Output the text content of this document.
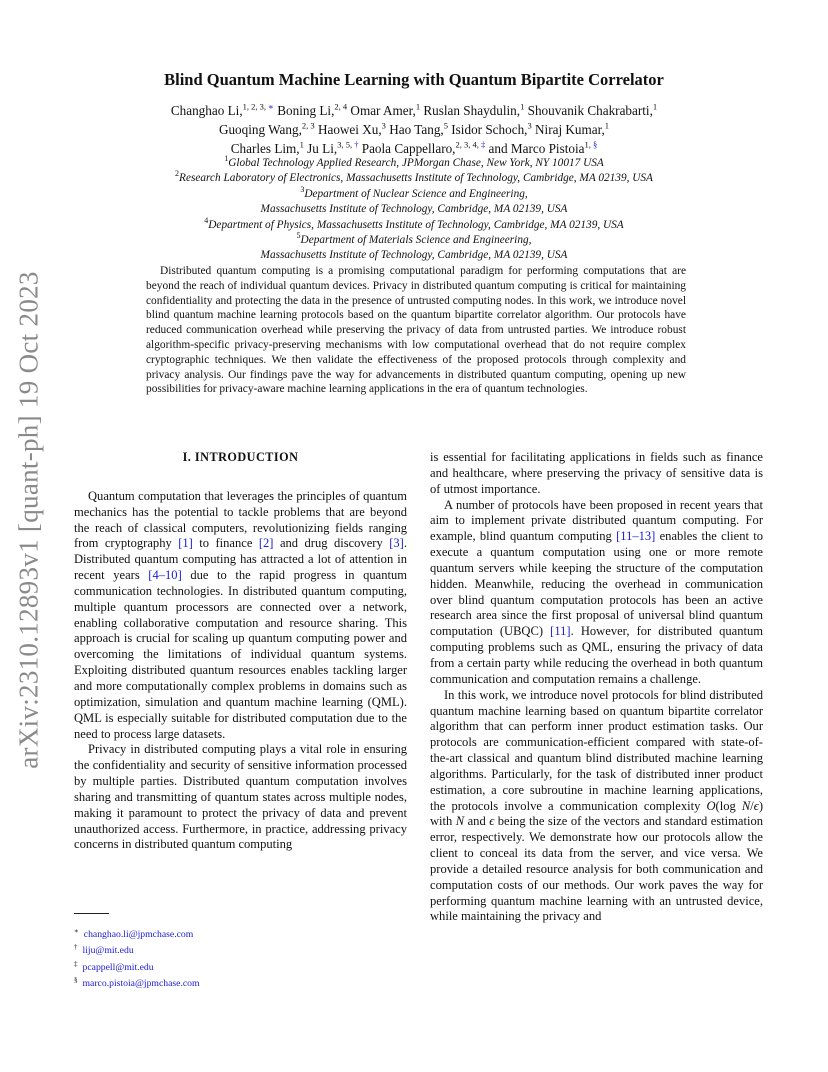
arXiv:2310.12893v1 [quant-ph] 19 Oct 2023
Blind Quantum Machine Learning with Quantum Bipartite Correlator
Changhao Li,$^{1, 2, 3, ∗}$ Boning Li,$^{2, 4}$ Omar Amer,$^1$ Ruslan Shaydulin,$^1$ Shouvanik Chakrabarti,$^1$
Guoqing Wang,$^{2, 3}$ Haowei Xu,$^3$ Hao Tang,$^5$ Isidor Schoch,$^3$ Niraj Kumar,$^1$
Charles Lim,$^1$ Ju Li,$^{3, 5, \dagger}$ Paola Cappellaro,$^{2, 3, 4, \ddagger}$ and Marco Pistoia$^{1, \S}$
$^1$Global Technology Applied Research, JPMorgan Chase, New York, NY 10017 USA
$^2$Research Laboratory of Electronics, Massachusetts Institute of Technology, Cambridge, MA 02139, USA
$^3$Department of Nuclear Science and Engineering,
Massachusetts Institute of Technology, Cambridge, MA 02139, USA
$^4$Department of Physics, Massachusetts Institute of Technology, Cambridge, MA 02139, USA
$^5$Department of Materials Science and Engineering,
Massachusetts Institute of Technology, Cambridge, MA 02139, USA

Distributed quantum computing is a promising computational paradigm for performing computations that are beyond the reach of individual quantum devices. Privacy in distributed quantum computing is critical for maintaining confidentiality and protecting the data in the presence of untrusted computing nodes. In this work, we introduce novel blind quantum machine learning protocols based on the quantum bipartite correlator algorithm. Our protocols have reduced communication overhead while preserving the privacy of data from untrusted parties. We introduce robust algorithm-specific privacy-preserving mechanisms with low computational overhead that do not require complex cryptographic techniques. We then validate the effectiveness of the proposed protocols through complexity and privacy analysis. Our findings pave the way for advancements in distributed quantum computing, opening up new possibilities for privacy-aware machine learning applications in the era of quantum technologies.

I. INTRODUCTION

Quantum computation that leverages the principles of quantum mechanics has the potential to tackle problems that are beyond the reach of classical computers, revolutionizing fields ranging from cryptography [1] to finance [2] and drug discovery [3]. Distributed quantum computing has attracted a lot of attention in recent years [4–10] due to the rapid progress in quantum communication technologies. In distributed quantum computing, multiple quantum processors are connected over a network, enabling collaborative computation and resource sharing. This approach is crucial for scaling up quantum computing power and overcoming the limitations of individual quantum systems. Exploiting distributed quantum resources enables tackling larger and more computationally complex problems in domains such as optimization, simulation and quantum machine learning (QML). QML is especially suitable for distributed computation due to the need to process large datasets.

Privacy in distributed computing plays a vital role in ensuring the confidentiality and security of sensitive information processed by multiple parties. Distributed quantum computation involves sharing and transmitting of quantum states across multiple nodes, making it paramount to protect the privacy of data and prevent unauthorized access. Furthermore, in practice, addressing privacy concerns in distributed quantum computing

is essential for facilitating applications in fields such as finance and healthcare, where preserving the privacy of sensitive data is of utmost importance.

A number of protocols have been proposed in recent years that aim to implement private distributed quantum computing. For example, blind quantum computing [11–13] enables the client to execute a quantum computation using one or more remote quantum servers while keeping the structure of the computation hidden. Meanwhile, reducing the overhead in communication over blind quantum computation protocols has been an active research area since the first proposal of universal blind quantum computation (UBQC) [11]. However, for distributed quantum computing problems such as QML, ensuring the privacy of data from a certain party while reducing the overhead in both quantum communication and computation remains a challenge.

In this work, we introduce novel protocols for blind distributed quantum machine learning based on quantum bipartite correlator algorithm that can perform inner product estimation tasks. Our protocols are communication-efficient compared with state-of-the-art classical and quantum blind distributed machine learning algorithms. Particularly, for the task of distributed inner product estimation, a core subroutine in machine learning applications, the protocols involve a communication complexity O(log N/ϵ) with N and ϵ being the size of the vectors and standard estimation error, respectively. We demonstrate how our protocols allow the client to conceal its data from the server, and vice versa. We provide a detailed resource analysis for both communication and computation costs of our methods. Our work paves the way for performing quantum machine learning with an untrusted device, while maintaining the privacy and

∗ changhao.li@jpmchase.com
† liju@mit.edu
‡ pcappell@mit.edu
§ marco.pistoia@jpmchase.com
